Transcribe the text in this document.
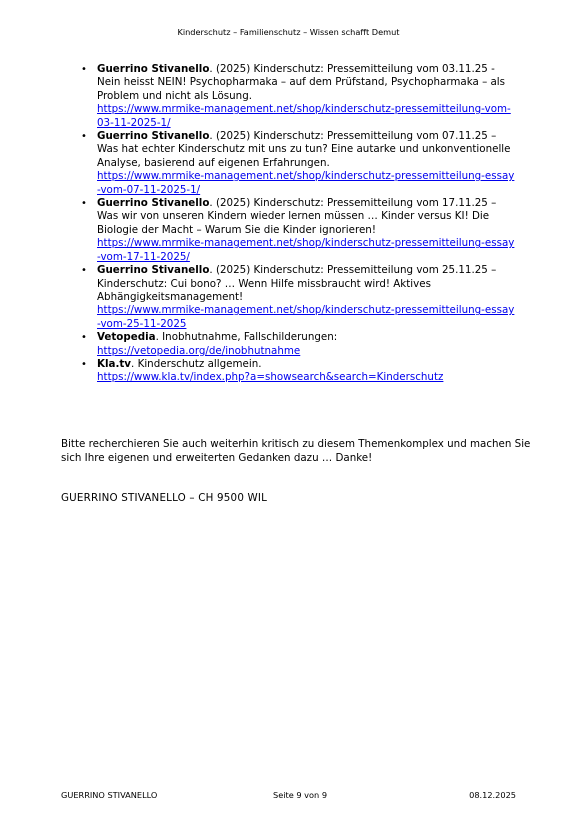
Kinderschutz – Familienschutz – Wissen schafft Demut
• Guerrino Stivanello. (2025) Kinderschutz: Pressemitteilung vom 03.11.25 - Nein heisst NEIN! Psychopharmaka – auf dem Prüfstand, Psychopharmaka – als Problem und nicht als Lösung.
https://www.mrmike-management.net/shop/kinderschutz-pressemitteilung-vom-03-11-2025-1/
• Guerrino Stivanello. (2025) Kinderschutz: Pressemitteilung vom 07.11.25 – Was hat echter Kinderschutz mit uns zu tun? Eine autarke und unkonventionelle Analyse, basierend auf eigenen Erfahrungen.
https://www.mrmike-management.net/shop/kinderschutz-pressemitteilung-essay-vom-07-11-2025-1/
• Guerrino Stivanello. (2025) Kinderschutz: Pressemitteilung vom 17.11.25 – Was wir von unseren Kindern wieder lernen müssen … Kinder versus KI! Die Biologie der Macht – Warum Sie die Kinder ignorieren!
https://www.mrmike-management.net/shop/kinderschutz-pressemitteilung-essay-vom-17-11-2025/
• Guerrino Stivanello. (2025) Kinderschutz: Pressemitteilung vom 25.11.25 – Kinderschutz: Cui bono? … Wenn Hilfe missbraucht wird! Aktives Abhängigkeitsmanagement!
https://www.mrmike-management.net/shop/kinderschutz-pressemitteilung-essay-vom-25-11-2025
• Vetopedia. Inobhutnahme, Fallschilderungen:
https://vetopedia.org/de/inobhutnahme
• Kla.tv. Kinderschutz allgemein.
https://www.kla.tv/index.php?a=showsearch&search=Kinderschutz

Bitte recherchieren Sie auch weiterhin kritisch zu diesem Themenkomplex und machen Sie sich Ihre eigenen und erweiterten Gedanken dazu … Danke!

GUERRINO STIVANELLO – CH 9500 WIL

GUERRINO STIVANELLO	Seite 9 von 9	08.12.2025
